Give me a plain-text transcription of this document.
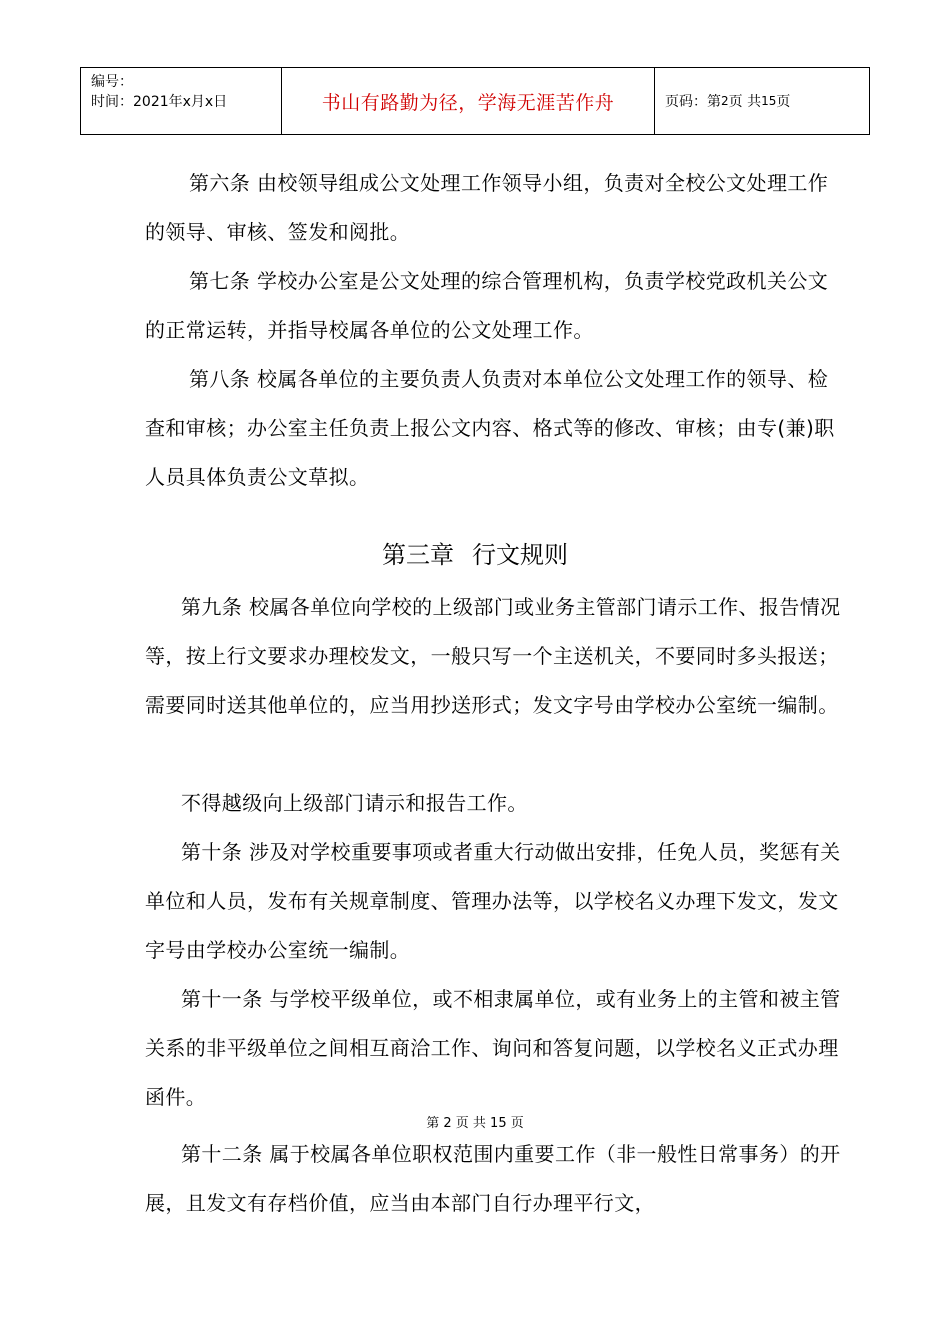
编号：
时间：2021年x月x日	书山有路勤为径，学海无涯苦作舟	页码：第 2 页 共 15 页

第六条 由校领导组成公文处理工作领导小组，负责对全校公文处理工作的领导、审核、签发和阅批。

第七条 学校办公室是公文处理的综合管理机构，负责学校党政机关公文的正常运转，并指导校属各单位的公文处理工作。

第八条 校属各单位的主要负责人负责对本单位公文处理工作的领导、检查和审核；办公室主任负责上报公文内容、格式等的修改、审核；由专(兼)职人员具体负责公文草拟。

第三章 行文规则

第九条 校属各单位向学校的上级部门或业务主管部门请示工作、报告情况等，按上行文要求办理校发文，一般只写一个主送机关，不要同时多头报送；需要同时送其他单位的，应当用抄送形式；发文字号由学校办公室统一编制。

不得越级向上级部门请示和报告工作。

第十条 涉及对学校重要事项或者重大行动做出安排，任免人员，奖惩有关单位和人员，发布有关规章制度、管理办法等，以学校名义办理下发文，发文字号由学校办公室统一编制。

第十一条 与学校平级单位，或不相隶属单位，或有业务上的主管和被主管关系的非平级单位之间相互商洽工作、询问和答复问题，以学校名义正式办理函件。

第 2 页 共 15 页

第十二条 属于校属各单位职权范围内重要工作（非一般性日常事务）的开展，且发文有存档价值，应当由本部门自行办理平行文，
